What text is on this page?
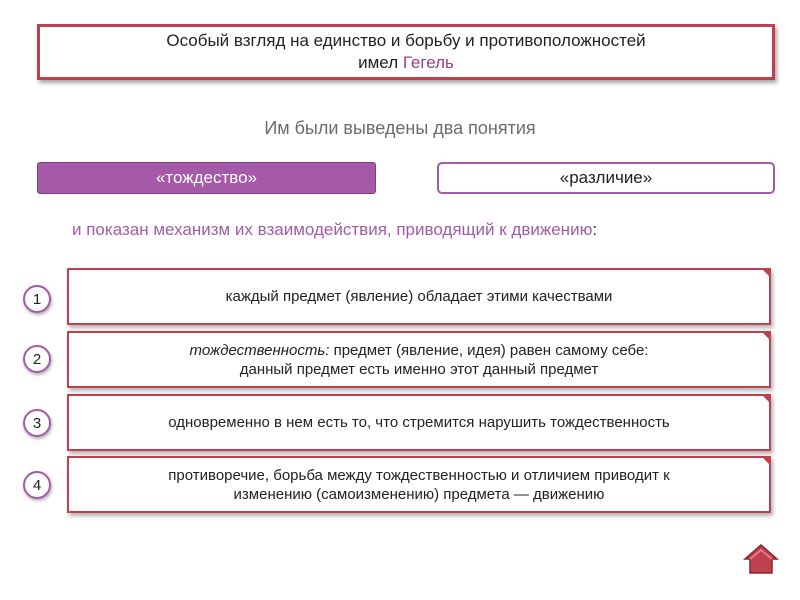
Особый взгляд на единство и борьбу и противоположностей
имел Гегель
Им были выведены два понятия
«тождество»	«различие»
и показан механизм их взаимодействия, приводящий к движению:
1	каждый предмет (явление) обладает этими качествами
2
тождественность: предмет (явление, идея) равен самому себе:
данный предмет есть именно этот данный предмет
3	одновременно в нем есть то, что стремится нарушить тождественность
4
противоречие, борьба между тождественностью и отличием приводит к
изменению (самоизменению) предмета — движению
